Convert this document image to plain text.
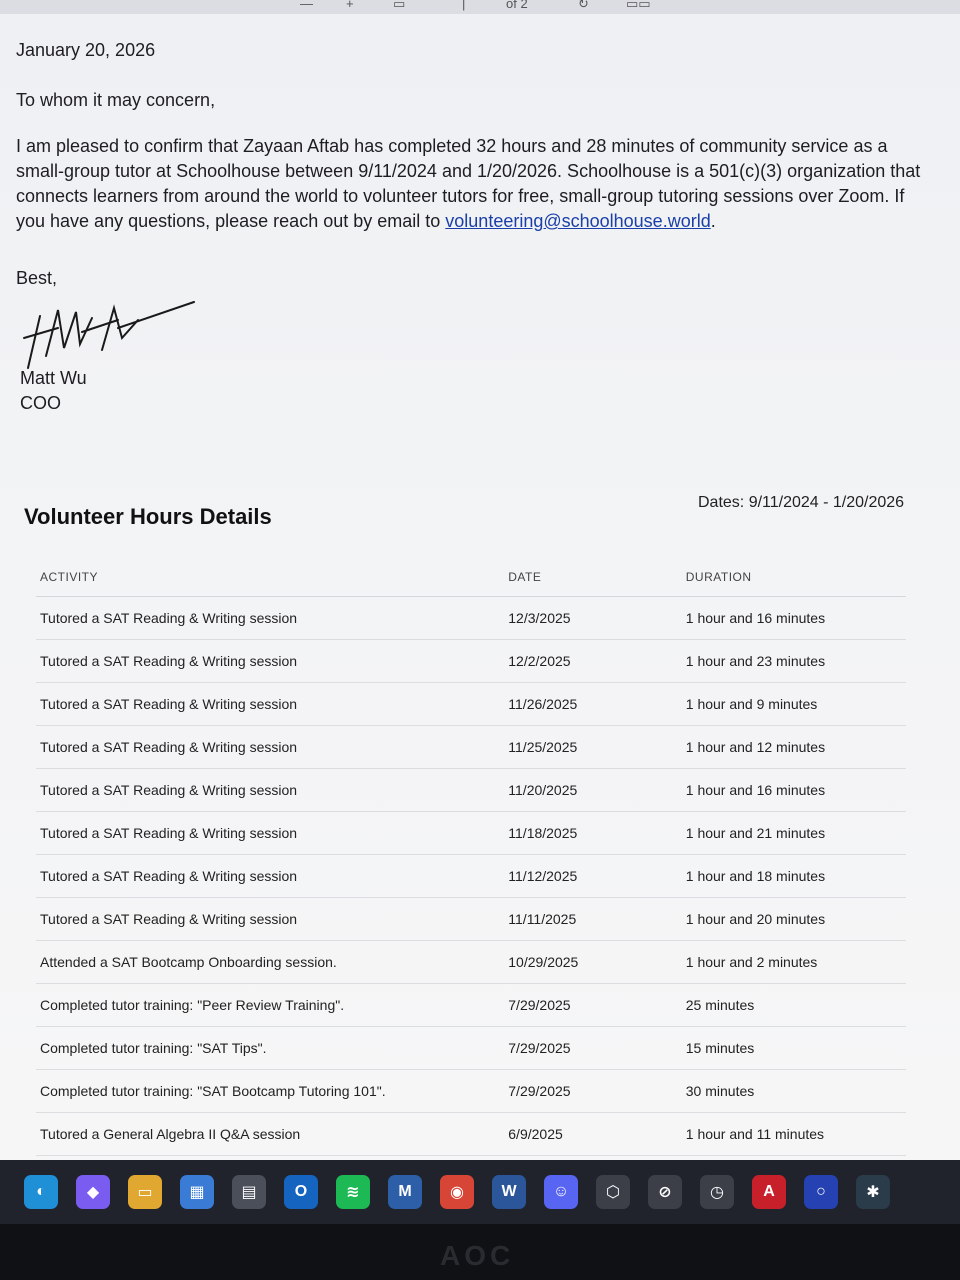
—	+	▭	|	of 2	↻	▭▭

January 20, 2026

To whom it may concern,

I am pleased to confirm that Zayaan Aftab has completed 32 hours and 28 minutes of community service as a small-group tutor at Schoolhouse between 9/11/2024 and 1/20/2026. Schoolhouse is a 501(c)(3) organization that connects learners from around the world to volunteer tutors for free, small-group tutoring sessions over Zoom. If you have any questions, please reach out by email to volunteering@schoolhouse.world.

Best,

Matt Wu

COO

Volunteer Hours Details
Dates: 9/11/2024 - 1/20/2026
ACTIVITY	DATE	DURATION
Tutored a SAT Reading & Writing session	12/3/2025	1 hour and 16 minutes
Tutored a SAT Reading & Writing session	12/2/2025	1 hour and 23 minutes
Tutored a SAT Reading & Writing session	11/26/2025	1 hour and 9 minutes
Tutored a SAT Reading & Writing session	11/25/2025	1 hour and 12 minutes
Tutored a SAT Reading & Writing session	11/20/2025	1 hour and 16 minutes
Tutored a SAT Reading & Writing session	11/18/2025	1 hour and 21 minutes
Tutored a SAT Reading & Writing session	11/12/2025	1 hour and 18 minutes
Tutored a SAT Reading & Writing session	11/11/2025	1 hour and 20 minutes
Attended a SAT Bootcamp Onboarding session.	10/29/2025	1 hour and 2 minutes
Completed tutor training: "Peer Review Training".	7/29/2025	25 minutes
Completed tutor training: "SAT Tips".	7/29/2025	15 minutes
Completed tutor training: "SAT Bootcamp Tutoring 101".	7/29/2025	30 minutes
Tutored a General Algebra II Q&A session	6/9/2025	1 hour and 11 minutes
◐	◆	▭	▦	▤	O	≋	M	◉	W	☺	⬡	⊘	◷	A	○	✱
AOC
